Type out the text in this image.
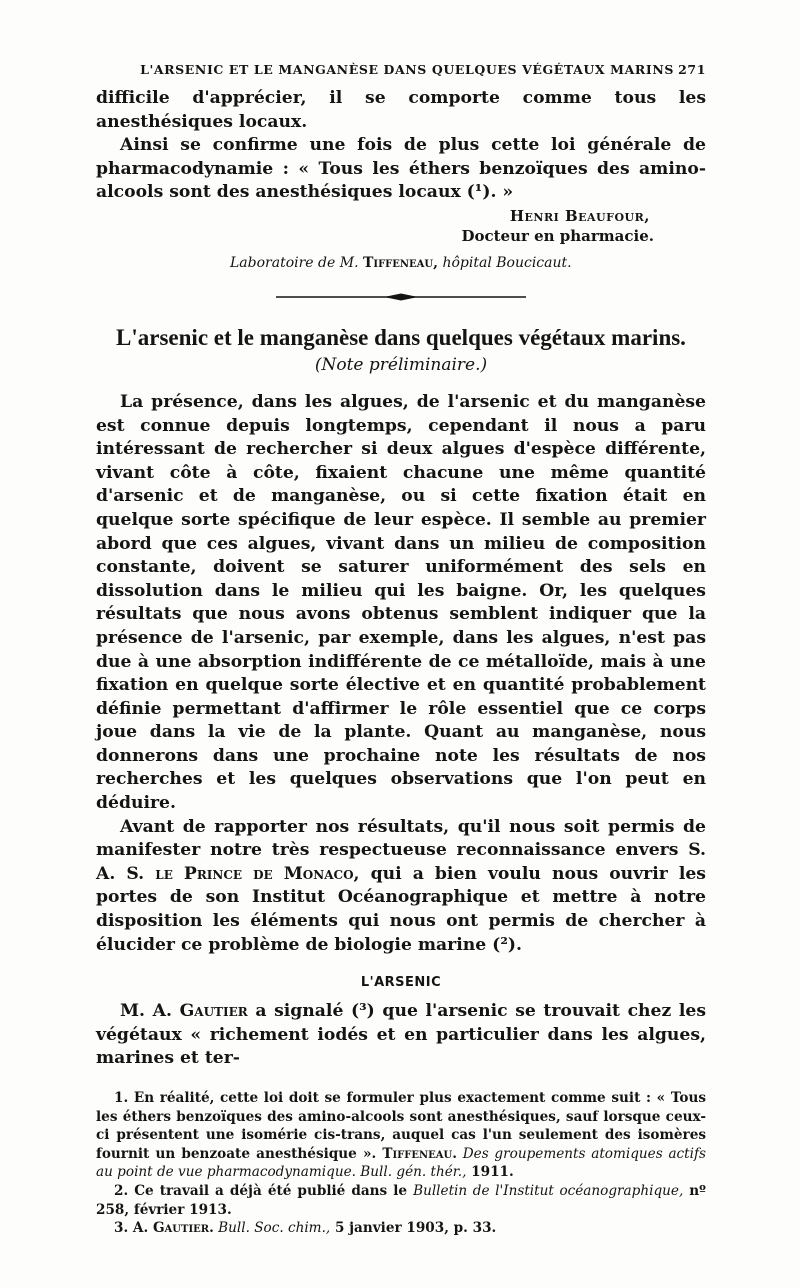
L'ARSENIC ET LE MANGANÈSE DANS QUELQUES VÉGÉTAUX MARINS 271

difficile d'apprécier, il se comporte comme tous les anesthésiques locaux.

Ainsi se confirme une fois de plus cette loi générale de pharmacodynamie : « Tous les éthers benzoïques des amino-alcools sont des anesthésiques locaux (¹). »

Henri Beaufour,
Docteur en pharmacie.
Laboratoire de M. Tiffeneau, hôpital Boucicaut.
L'arsenic et le manganèse dans quelques végétaux marins.
(Note préliminaire.)

La présence, dans les algues, de l'arsenic et du manganèse est connue depuis longtemps, cependant il nous a paru intéressant de rechercher si deux algues d'espèce différente, vivant côte à côte, fixaient chacune une même quantité d'arsenic et de manganèse, ou si cette fixation était en quelque sorte spécifique de leur espèce. Il semble au premier abord que ces algues, vivant dans un milieu de composition constante, doivent se saturer uniformément des sels en dissolution dans le milieu qui les baigne. Or, les quelques résultats que nous avons obtenus semblent indiquer que la présence de l'arsenic, par exemple, dans les algues, n'est pas due à une absorption indifférente de ce métalloïde, mais à une fixation en quelque sorte élective et en quantité probablement définie permettant d'affirmer le rôle essentiel que ce corps joue dans la vie de la plante. Quant au manganèse, nous donnerons dans une prochaine note les résultats de nos recherches et les quelques observations que l'on peut en déduire.

Avant de rapporter nos résultats, qu'il nous soit permis de manifester notre très respectueuse reconnaissance envers S. A. S. le Prince de Monaco, qui a bien voulu nous ouvrir les portes de son Institut Océanographique et mettre à notre disposition les éléments qui nous ont permis de chercher à élucider ce problème de biologie marine (²).

L'ARSENIC

M. A. Gautier a signalé (³) que l'arsenic se trouvait chez les végétaux « richement iodés et en particulier dans les algues, marines et ter-

1. En réalité, cette loi doit se formuler plus exactement comme suit : « Tous les éthers benzoïques des amino-alcools sont anesthésiques, sauf lorsque ceux-ci présentent une isomérie cis-trans, auquel cas l'un seulement des isomères fournit un benzoate anesthésique ». Tiffeneau. Des groupements atomiques actifs au point de vue pharmacodynamique. Bull. gén. thér., 1911.

2. Ce travail a déjà été publié dans le Bulletin de l'Institut océanographique, nº 258, février 1913.

3. A. Gautier. Bull. Soc. chim., 5 janvier 1903, p. 33.
